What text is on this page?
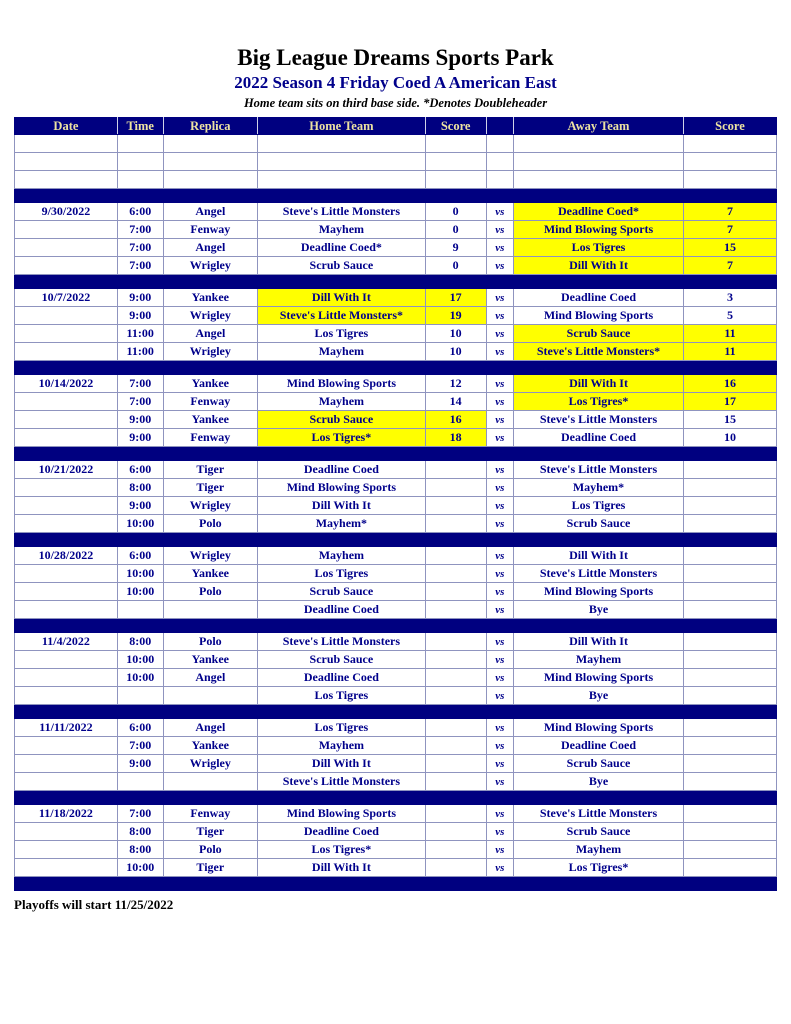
Big League Dreams Sports Park
2022 Season 4 Friday Coed A American East
Home team sits on third base side. *Denotes Doubleheader
Date	Time	Replica	Home Team	Score		Away Team	Score

9/30/2022	6:00	Angel	Steve's Little Monsters	0	vs	Deadline Coed*	7
	7:00	Fenway	Mayhem	0	vs	Mind Blowing Sports	7
	7:00	Angel	Deadline Coed*	9	vs	Los Tigres	15
	7:00	Wrigley	Scrub Sauce	0	vs	Dill With It	7

10/7/2022	9:00	Yankee	Dill With It	17	vs	Deadline Coed	3
	9:00	Wrigley	Steve's Little Monsters*	19	vs	Mind Blowing Sports	5
	11:00	Angel	Los Tigres	10	vs	Scrub Sauce	11
	11:00	Wrigley	Mayhem	10	vs	Steve's Little Monsters*	11

10/14/2022	7:00	Yankee	Mind Blowing Sports	12	vs	Dill With It	16
	7:00	Fenway	Mayhem	14	vs	Los Tigres*	17
	9:00	Yankee	Scrub Sauce	16	vs	Steve's Little Monsters	15
	9:00	Fenway	Los Tigres*	18	vs	Deadline Coed	10

10/21/2022	6:00	Tiger	Deadline Coed		vs	Steve's Little Monsters	
	8:00	Tiger	Mind Blowing Sports		vs	Mayhem*	
	9:00	Wrigley	Dill With It		vs	Los Tigres	
	10:00	Polo	Mayhem*		vs	Scrub Sauce	

10/28/2022	6:00	Wrigley	Mayhem		vs	Dill With It	
	10:00	Yankee	Los Tigres		vs	Steve's Little Monsters	
	10:00	Polo	Scrub Sauce		vs	Mind Blowing Sports	
			Deadline Coed		vs	Bye	

11/4/2022	8:00	Polo	Steve's Little Monsters		vs	Dill With It	
	10:00	Yankee	Scrub Sauce		vs	Mayhem	
	10:00	Angel	Deadline Coed		vs	Mind Blowing Sports	
			Los Tigres		vs	Bye	

11/11/2022	6:00	Angel	Los Tigres		vs	Mind Blowing Sports	
	7:00	Yankee	Mayhem		vs	Deadline Coed	
	9:00	Wrigley	Dill With It		vs	Scrub Sauce	
			Steve's Little Monsters		vs	Bye	

11/18/2022	7:00	Fenway	Mind Blowing Sports		vs	Steve's Little Monsters	
	8:00	Tiger	Deadline Coed		vs	Scrub Sauce	
	8:00	Polo	Los Tigres*		vs	Mayhem	
	10:00	Tiger	Dill With It		vs	Los Tigres*	

Playoffs will start 11/25/2022
